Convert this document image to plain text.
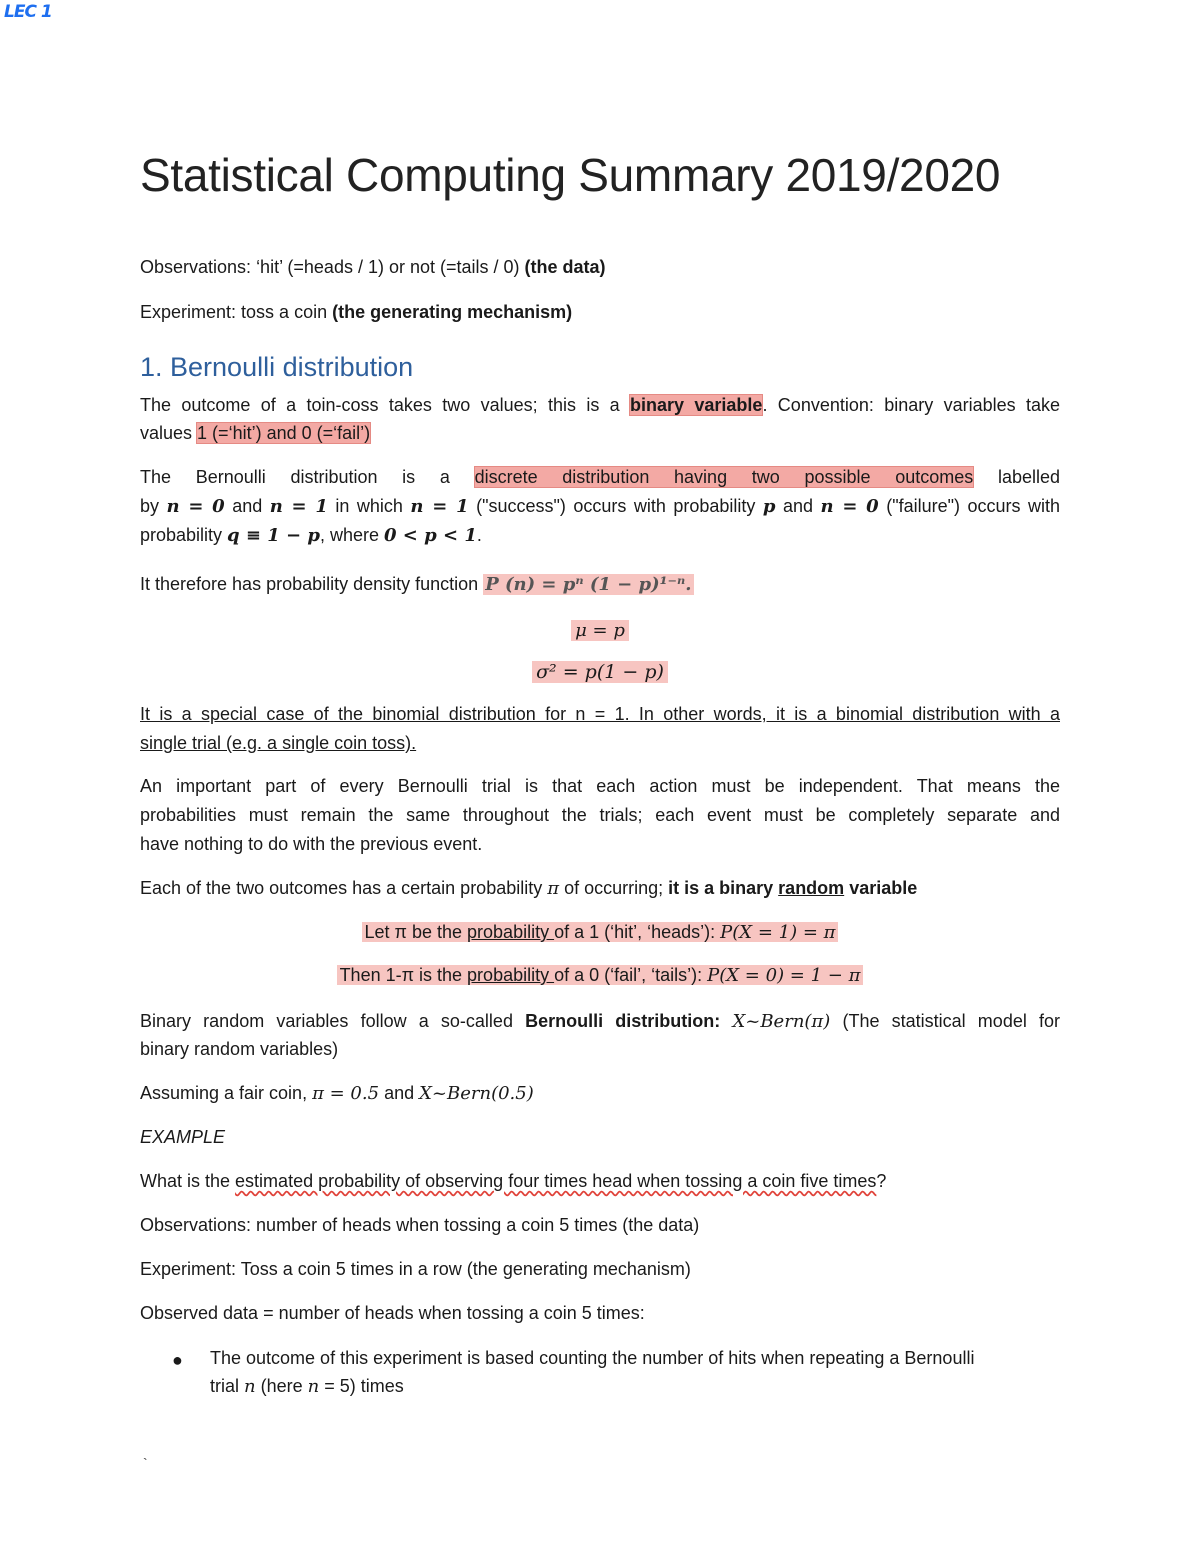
LEC 1
Statistical Computing Summary 2019/2020
Observations: ‘hit’ (=heads / 1) or not (=tails / 0) (the data)
Experiment: toss a coin (the generating mechanism)
1. Bernoulli distribution
The outcome of a toin-coss takes two values; this is a binary variable. Convention: binary variables take
values 1 (=‘hit’) and 0 (=‘fail’)
The Bernoulli distribution is a discrete distribution having two possible outcomes labelled
by n = 0 and n = 1 in which n = 1 ("success") occurs with probability p and n = 0 ("failure") occurs with
probability q ≡ 1 − p, where 0 < p < 1.
It therefore has probability density function P (n) = pⁿ (1 − p)¹⁻ⁿ.
μ = p
σ² = p(1 − p)
It is a special case of the binomial distribution for n = 1. In other words, it is a binomial distribution with a
single trial (e.g. a single coin toss).
An important part of every Bernoulli trial is that each action must be independent. That means the
probabilities must remain the same throughout the trials; each event must be completely separate and
have nothing to do with the previous event.
Each of the two outcomes has a certain probability π of occurring; it is a binary random variable
Let π be the probability of a 1 (‘hit’, ‘heads’): P(X = 1) = π
Then 1-π is the probability of a 0 (‘fail’, ‘tails’): P(X = 0) = 1 − π
Binary random variables follow a so-called Bernoulli distribution: X~Bern(π) (The statistical model for
binary random variables)
Assuming a fair coin, π = 0.5 and X~Bern(0.5)
EXAMPLE
What is the estimated probability of observing four times head when tossing a coin five times?
Observations: number of heads when tossing a coin 5 times (the data)
Experiment: Toss a coin 5 times in a row (the generating mechanism)
Observed data = number of heads when tossing a coin 5 times:
● The outcome of this experiment is based counting the number of hits when repeating a Bernoulli
trial n (here n = 5) times
`
